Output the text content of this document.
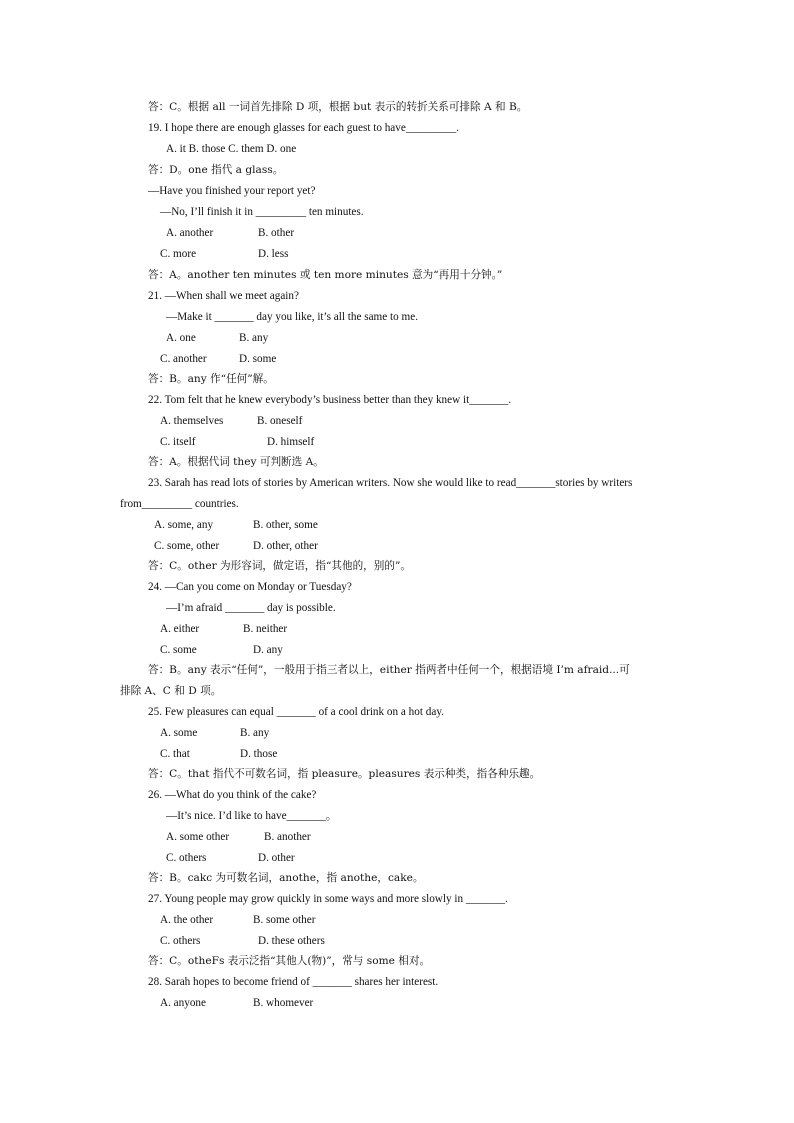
答：C。根据 all 一词首先排除 D 项，根据 but 表示的转折关系可排除 A 和 B。
19. I hope there are enough glasses for each guest to have_________.
A. it B. those C. them D. one
答：D。one 指代 a glass。
—Have you finished your report yet?
—No, I’ll finish it in _________ ten minutes.
A. another	B. other
C. more	D. less
答：A。another ten minutes 或 ten more minutes 意为“再用十分钟。”
21. —When shall we meet again?
—Make it _______ day you like, it’s all the same to me.
A. one	B. any
C. another	D. some
答：B。any 作“任何”解。
22. Tom felt that he knew everybody’s business better than they knew it_______.
A. themselves	B. oneself
C. itself	D. himself
答：A。根据代词 they 可判断选 A。
23. Sarah has read lots of stories by American writers. Now she would like to read_______stories by writers
from_________ countries.
A. some, any	B. other, some
C. some, other	D. other, other
答：C。other 为形容词，做定语，指“其他的，别的”。
24. —Can you come on Monday or Tuesday?
—I’m afraid _______ day is possible.
A. either	B. neither
C. some	D. any
答：B。any 表示“任何”，一般用于指三者以上，either 指两者中任何一个，根据语境 I’m afraid...可
排除 A、C 和 D 项。
25. Few pleasures can equal _______ of a cool drink on a hot day.
A. some	B. any
C. that	D. those
答：C。that 指代不可数名词，指 pleasure。pleasures 表示种类，指各种乐趣。
26. —What do you think of the cake?
—It’s nice. I’d like to have_______。
A. some other	B. another
C. others	D. other
答：B。cakc 为可数名词，anothe，指 anothe，cake。
27. Young people may grow quickly in some ways and more slowly in _______.
A. the other	B. some other
C. others	D. these others
答：C。otheFs 表示泛指“其他人(物)”，常与 some 相对。
28. Sarah hopes to become friend of _______ shares her interest.
A. anyone	B. whomever
